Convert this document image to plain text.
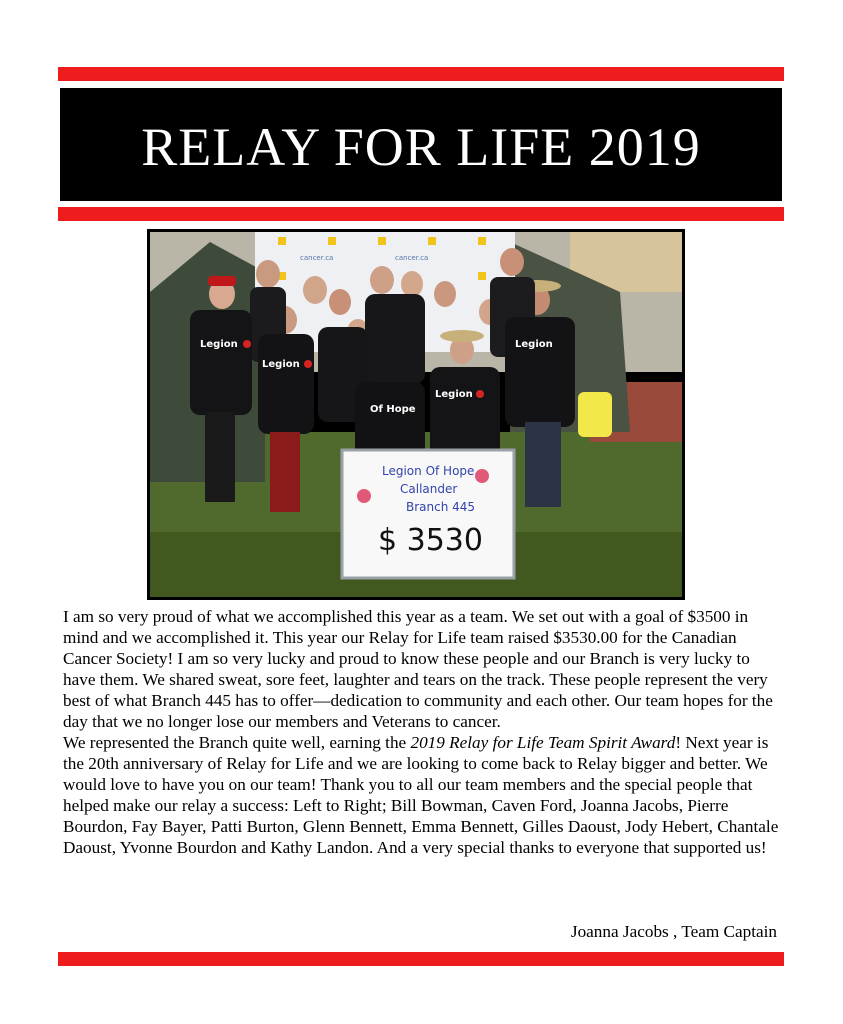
RELAY FOR LIFE 2019
cancer.ca	cancer.ca
Legion
Legion
Legion
Legion
Of Hope
Legion Of Hope
Callander
Branch 445
$ 3530

I am so very proud of what we accomplished this year as a team. We set out with a goal of $3500 in mind and we accomplished it. This year our Relay for Life team raised $3530.00 for the Canadian Cancer Society! I am so very lucky and proud to know these people and our Branch is very lucky to have them. We shared sweat, sore feet, laughter and tears on the track. These people represent the very best of what Branch 445 has to offer—dedication to community and each other. Our team hopes for the day that we no longer lose our members and Veterans to cancer.

We represented the Branch quite well, earning the 2019 Relay for Life Team Spirit Award! Next year is the 20th anniversary of Relay for Life and we are looking to come back to Relay bigger and better. We would love to have you on our team! Thank you to all our team members and the special people that helped make our relay a success: Left to Right; Bill Bowman, Caven Ford, Joanna Jacobs, Pierre Bourdon, Fay Bayer, Patti Burton, Glenn Bennett, Emma Bennett, Gilles Daoust, Jody Hebert, Chantale Daoust, Yvonne Bourdon and Kathy Landon. And a very special thanks to everyone that supported us!

Joanna Jacobs , Team Captain
